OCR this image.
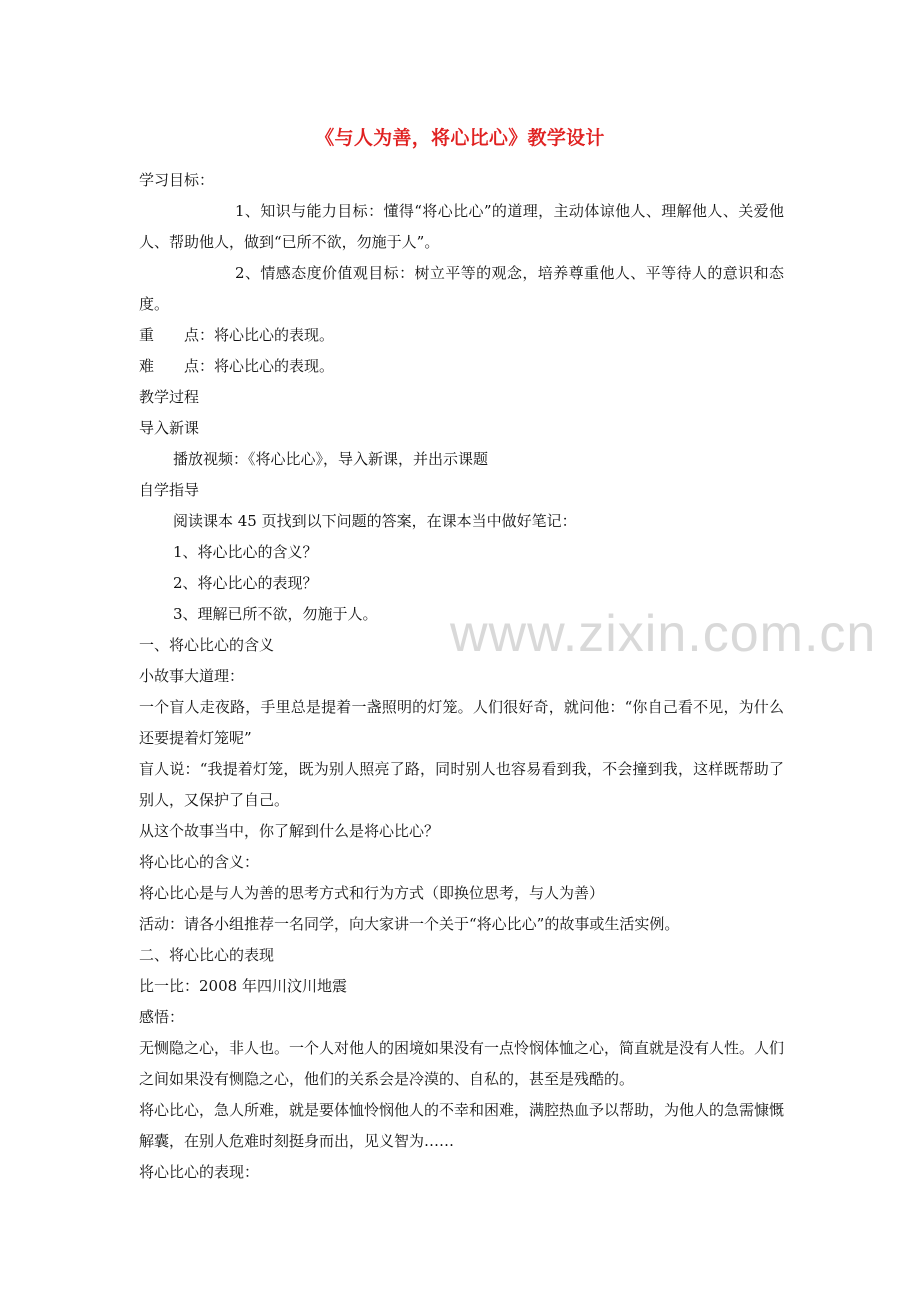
《与人为善，将心比心》教学设计

学习目标：

1、知识与能力目标：懂得“将心比心”的道理，主动体谅他人、理解他人、关爱他人、帮助他人，做到“已所不欲，勿施于人”。

2、情感态度价值观目标：树立平等的观念，培养尊重他人、平等待人的意识和态度。

重　　点：将心比心的表现。

难　　点：将心比心的表现。

教学过程

导入新课

播放视频：《将心比心》，导入新课，并出示课题

自学指导

阅读课本 45 页找到以下问题的答案，在课本当中做好笔记：

1、将心比心的含义？

2、将心比心的表现？

3、理解已所不欲，勿施于人。

一、将心比心的含义

小故事大道理：

一个盲人走夜路，手里总是提着一盏照明的灯笼。人们很好奇，就问他：“你自己看不见，为什么还要提着灯笼呢”

盲人说：“我提着灯笼，既为别人照亮了路，同时别人也容易看到我，不会撞到我，这样既帮助了别人，又保护了自己。

从这个故事当中，你了解到什么是将心比心？

将心比心的含义：

将心比心是与人为善的思考方式和行为方式（即换位思考，与人为善）

活动：请各小组推荐一名同学，向大家讲一个关于“将心比心”的故事或生活实例。

二、将心比心的表现

比一比：2008 年四川汶川地震

感悟：

无恻隐之心，非人也。一个人对他人的困境如果没有一点怜悯体恤之心，简直就是没有人性。人们之间如果没有恻隐之心，他们的关系会是冷漠的、自私的，甚至是残酷的。

将心比心，急人所难，就是要体恤怜悯他人的不幸和困难，满腔热血予以帮助，为他人的急需慷慨解囊，在别人危难时刻挺身而出，见义智为……

将心比心的表现：

www.zixin.com.cn
